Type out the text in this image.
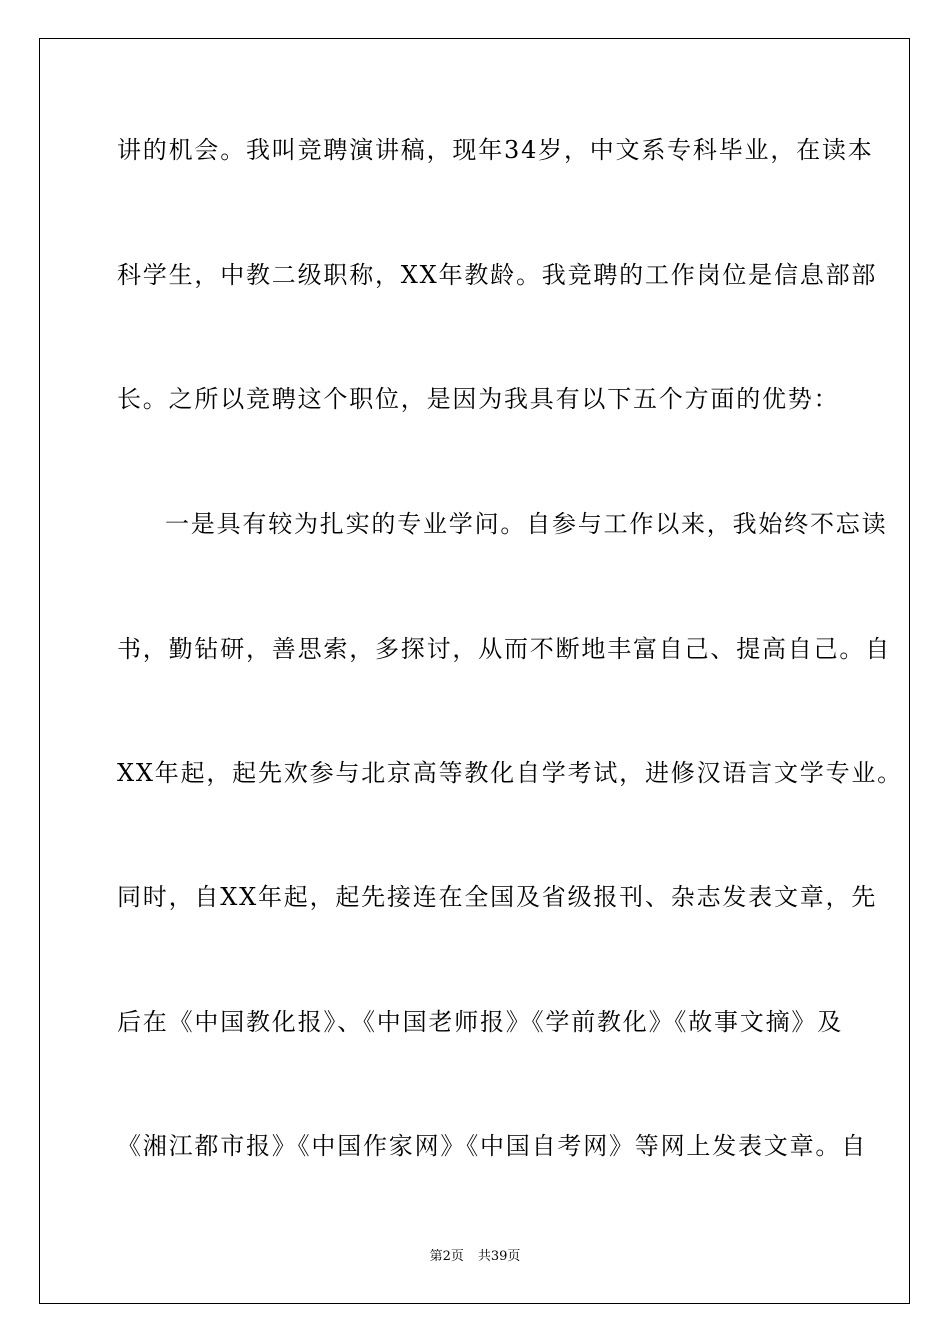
讲的机会。我叫竞聘演讲稿，现年34岁，中文系专科毕业，在读本
科学生，中教二级职称，XX年教龄。我竞聘的工作岗位是信息部部
长。之所以竞聘这个职位，是因为我具有以下五个方面的优势：
一是具有较为扎实的专业学问。自参与工作以来，我始终不忘读
书，勤钻研，善思索，多探讨，从而不断地丰富自己、提高自己。自
XX年起，起先欢参与北京高等教化自学考试，进修汉语言文学专业。
同时，自XX年起，起先接连在全国及省级报刊、杂志发表文章，先
后在《中国教化报》、《中国老师报》《学前教化》《故事文摘》及
《湘江都市报》《中国作家网》《中国自考网》等网上发表文章。自
第2页 共39页
